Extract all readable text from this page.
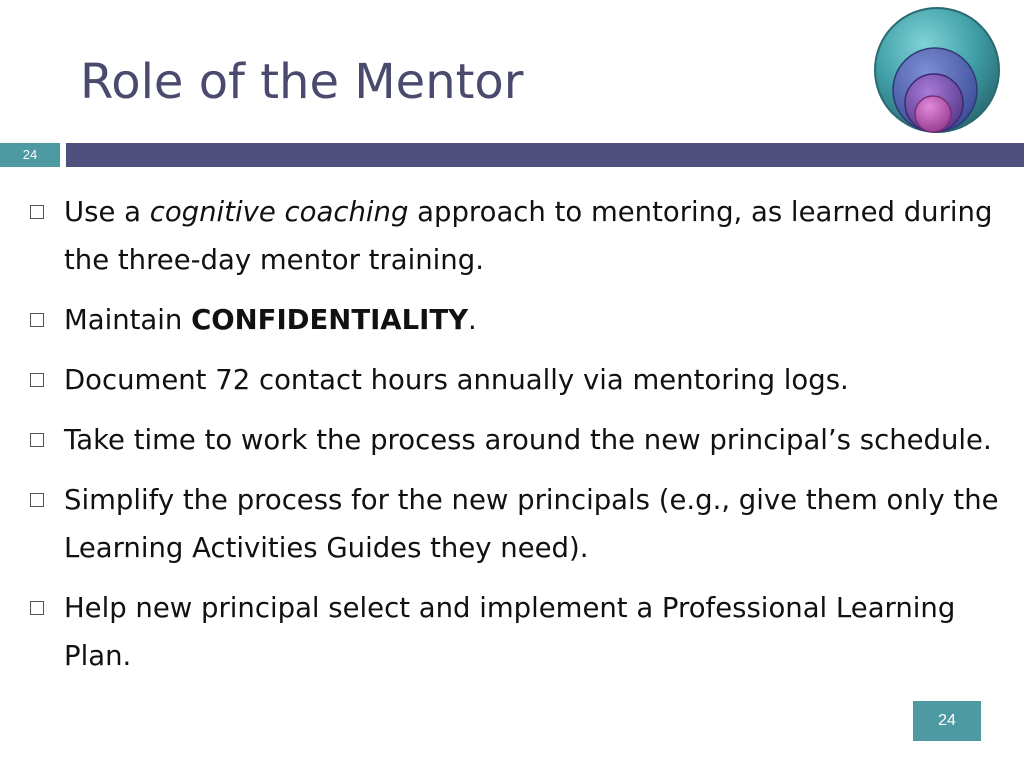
Role of the Mentor
24
Use a cognitive coaching approach to mentoring, as learned during the three-day mentor training.
Maintain CONFIDENTIALITY.
Document 72 contact hours annually via mentoring logs.
Take time to work the process around the new principal’s schedule.
Simplify the process for the new principals (e.g., give them only the Learning Activities Guides they need).
Help new principal select and implement a Professional Learning Plan.
24
